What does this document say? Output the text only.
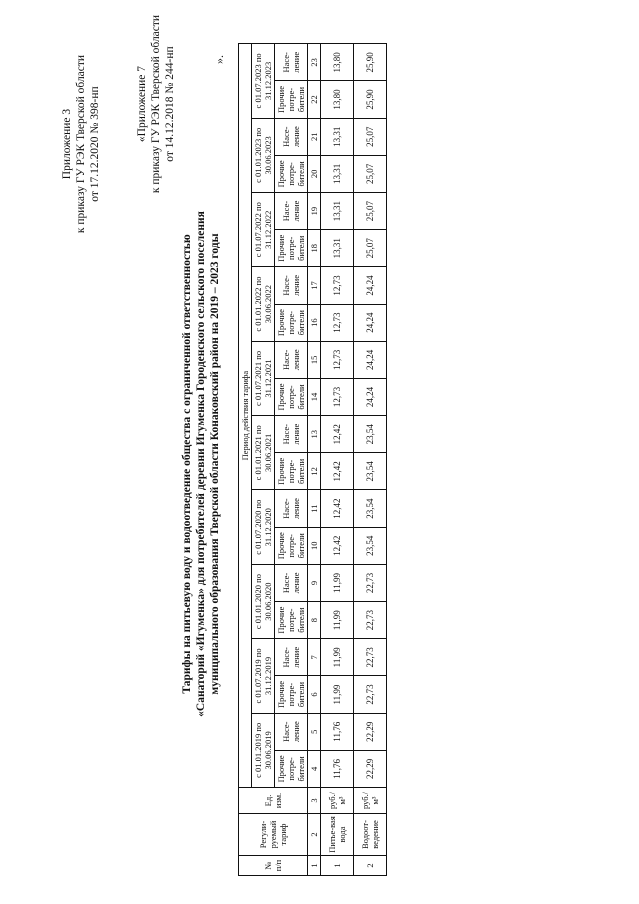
Приложение 3 к приказу ГУ РЭК Тверской области от 17.12.2020 № 398-нп	«Приложение 7 к приказу ГУ РЭК Тверской области от 14.12.2018 № 244-нп
Тарифы на питьевую воду и водоотведение общества с ограниченной ответственностью «Санаторий «Игуменка» для потребителей деревни Игуменка Городенского сельского поселения муниципального образования Тверской области Конаковский район на 2019 – 2023 годы
№ п/п	Регули-руемый тариф	Ед. изм.	Период действия тарифа																			
			с 01.01.2019 по 30.06.2019		с 01.07.2019 по 31.12.2019		с 01.01.2020 по 30.06.2020		с 01.07.2020 по 31.12.2020		с 01.01.2021 по 30.06.2021		с 01.07.2021 по 31.12.2021		с 01.01.2022 по 30.06.2022		с 01.07.2022 по 31.12.2022		с 01.01.2023 по 30.06.2023		с 01.07.2023 по 31.12.2023	
			Прочие потре-бители	Насе-ление	Прочие потре-бители	Насе-ление	Прочие потре-бители	Насе-ление	Прочие потре-бители	Насе-ление	Прочие потре-бители	Насе-ление	Прочие потре-бители	Насе-ление	Прочие потре-бители	Насе-ление	Прочие потре-бители	Насе-ление	Прочие потре-бители	Насе-ление	Прочие потре-бители	Насе-ление
1	2	3	4	5	6	7	8	9	10	11	12	13	14	15	16	17	18	19	20	21	22	23
1	Питье-вая вода	руб./м³	11,76	11,76	11,99	11,99	11,99	11,99	12,42	12,42	12,42	12,42	12,73	12,73	12,73	12,73	13,31	13,31	13,31	13,31	13,80	13,80
2	Водоот-ведение	руб./м³	22,29	22,29	22,73	22,73	22,73	22,73	23,54	23,54	23,54	23,54	24,24	24,24	24,24	24,24	25,07	25,07	25,07	25,07	25,90	25,90
».
